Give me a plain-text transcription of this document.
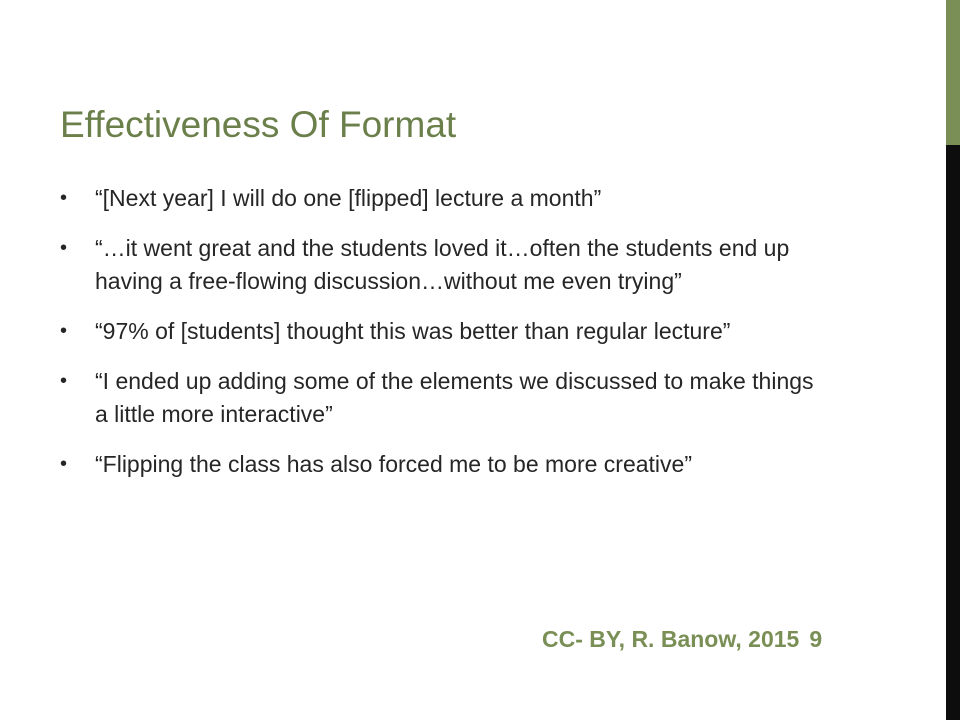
Effectiveness Of Format
• “[Next year] I will do one [flipped] lecture a month”
• “…it went great and the students loved it…often the students end up having a free-flowing discussion…without me even trying”
• “97% of [students] thought this was better than regular lecture”
• “I ended up adding some of the elements we discussed to make things a little more interactive”
• “Flipping the class has also forced me to be more creative”
CC- BY, R. Banow, 2015 9
